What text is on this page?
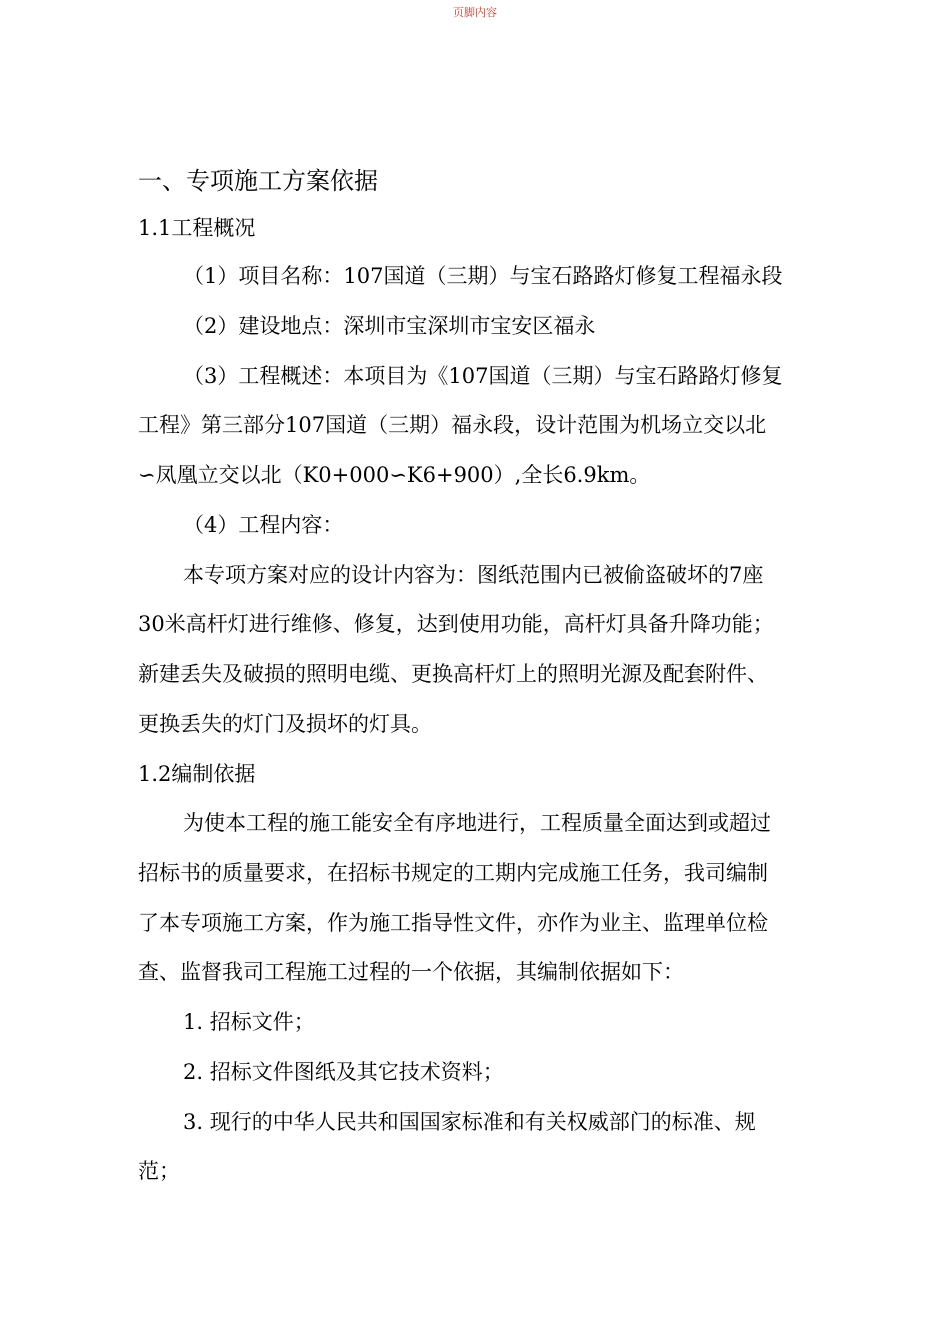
页脚内容
一、专项施工方案依据
1.1工程概况
（1）项目名称：107国道（三期）与宝石路路灯修复工程福永段
（2）建设地点：深圳市宝深圳市宝安区福永
（3）工程概述：本项目为《107国道（三期）与宝石路路灯修复
工程》第三部分107国道（三期）福永段，设计范围为机场立交以北
∽凤凰立交以北（K0+000∽K6+900）,全长6.9km。
（4）工程内容：
本专项方案对应的设计内容为：图纸范围内已被偷盗破坏的7座
30米高杆灯进行维修、修复，达到使用功能，高杆灯具备升降功能；
新建丢失及破损的照明电缆、更换高杆灯上的照明光源及配套附件、
更换丢失的灯门及损坏的灯具。
1.2编制依据
为使本工程的施工能安全有序地进行，工程质量全面达到或超过
招标书的质量要求，在招标书规定的工期内完成施工任务，我司编制
了本专项施工方案，作为施工指导性文件，亦作为业主、监理单位检
查、监督我司工程施工过程的一个依据，其编制依据如下：
1. 招标文件；
2. 招标文件图纸及其它技术资料；
3. 现行的中华人民共和国国家标准和有关权威部门的标准、规
范；
